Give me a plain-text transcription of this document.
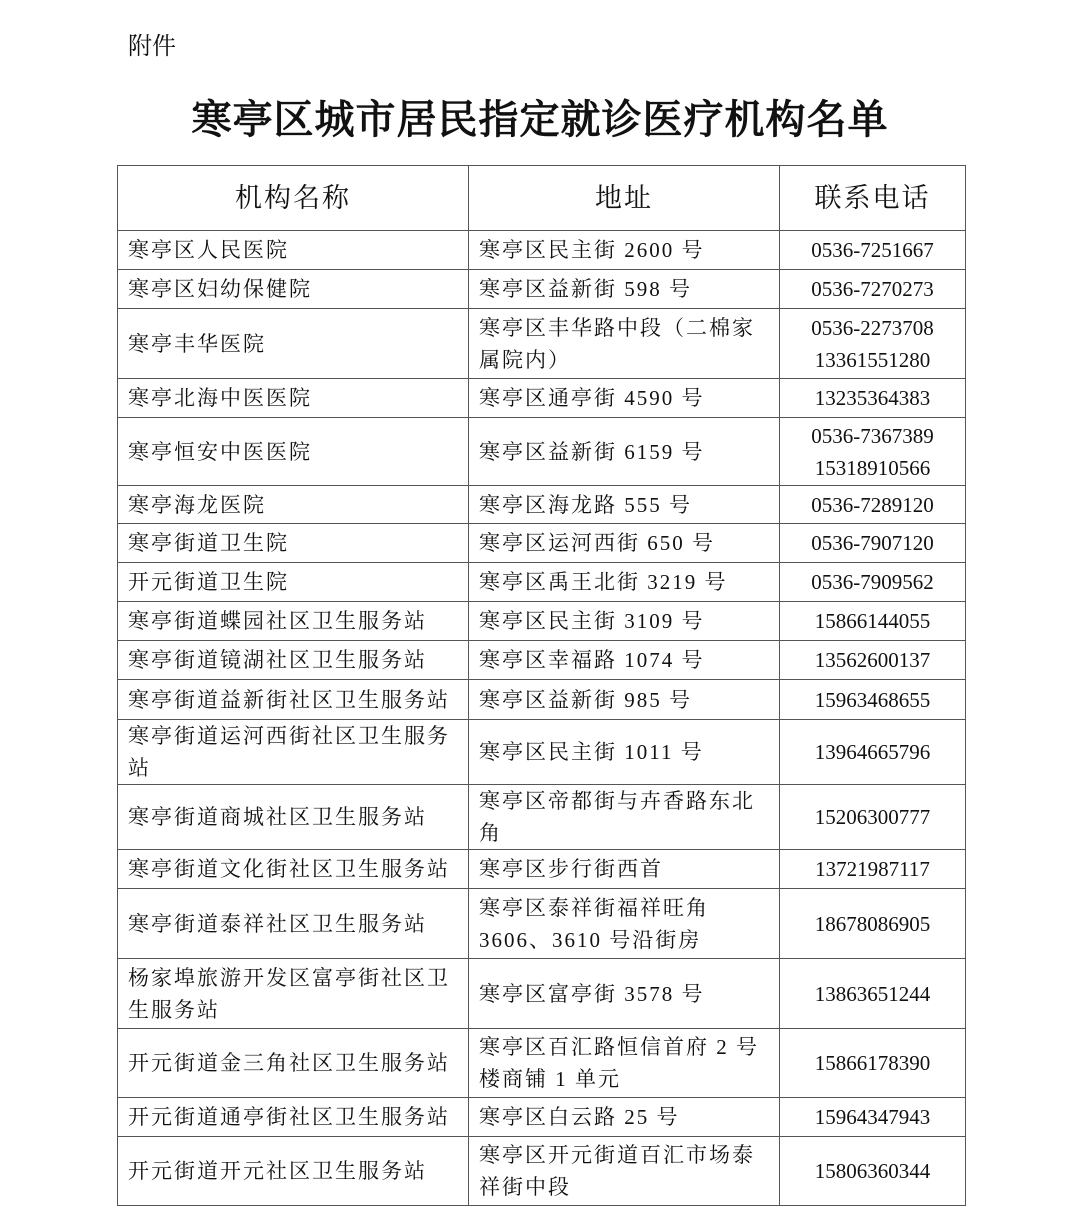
附件
寒亭区城市居民指定就诊医疗机构名单
机构名称	地址	联系电话
寒亭区人民医院	寒亭区民主街 2600 号	0536-7251667

寒亭区妇幼保健院	寒亭区益新街 598 号	0536-7270273

寒亭丰华医院	寒亭区丰华路中段（二棉家属院内）	0536-2273708
13361551280

寒亭北海中医医院	寒亭区通亭街 4590 号	13235364383

寒亭恒安中医医院	寒亭区益新街 6159 号	0536-7367389
15318910566

寒亭海龙医院	寒亭区海龙路 555 号	0536-7289120

寒亭街道卫生院	寒亭区运河西街 650 号	0536-7907120

开元街道卫生院	寒亭区禹王北街 3219 号	0536-7909562

寒亭街道蝶园社区卫生服务站	寒亭区民主街 3109 号	15866144055

寒亭街道镜湖社区卫生服务站	寒亭区幸福路 1074 号	13562600137

寒亭街道益新街社区卫生服务站	寒亭区益新街 985 号	15963468655

寒亭街道运河西街社区卫生服务站	寒亭区民主街 1011 号	13964665796

寒亭街道商城社区卫生服务站	寒亭区帝都街与卉香路东北角	15206300777

寒亭街道文化街社区卫生服务站	寒亭区步行街西首	13721987117

寒亭街道泰祥社区卫生服务站	寒亭区泰祥街福祥旺角 3606、3610 号沿街房	18678086905

杨家埠旅游开发区富亭街社区卫生服务站	寒亭区富亭街 3578 号	13863651244

开元街道金三角社区卫生服务站	寒亭区百汇路恒信首府 2 号楼商铺 1 单元	15866178390

开元街道通亭街社区卫生服务站	寒亭区白云路 25 号	15964347943

开元街道开元社区卫生服务站	寒亭区开元街道百汇市场泰祥街中段	15806360344
